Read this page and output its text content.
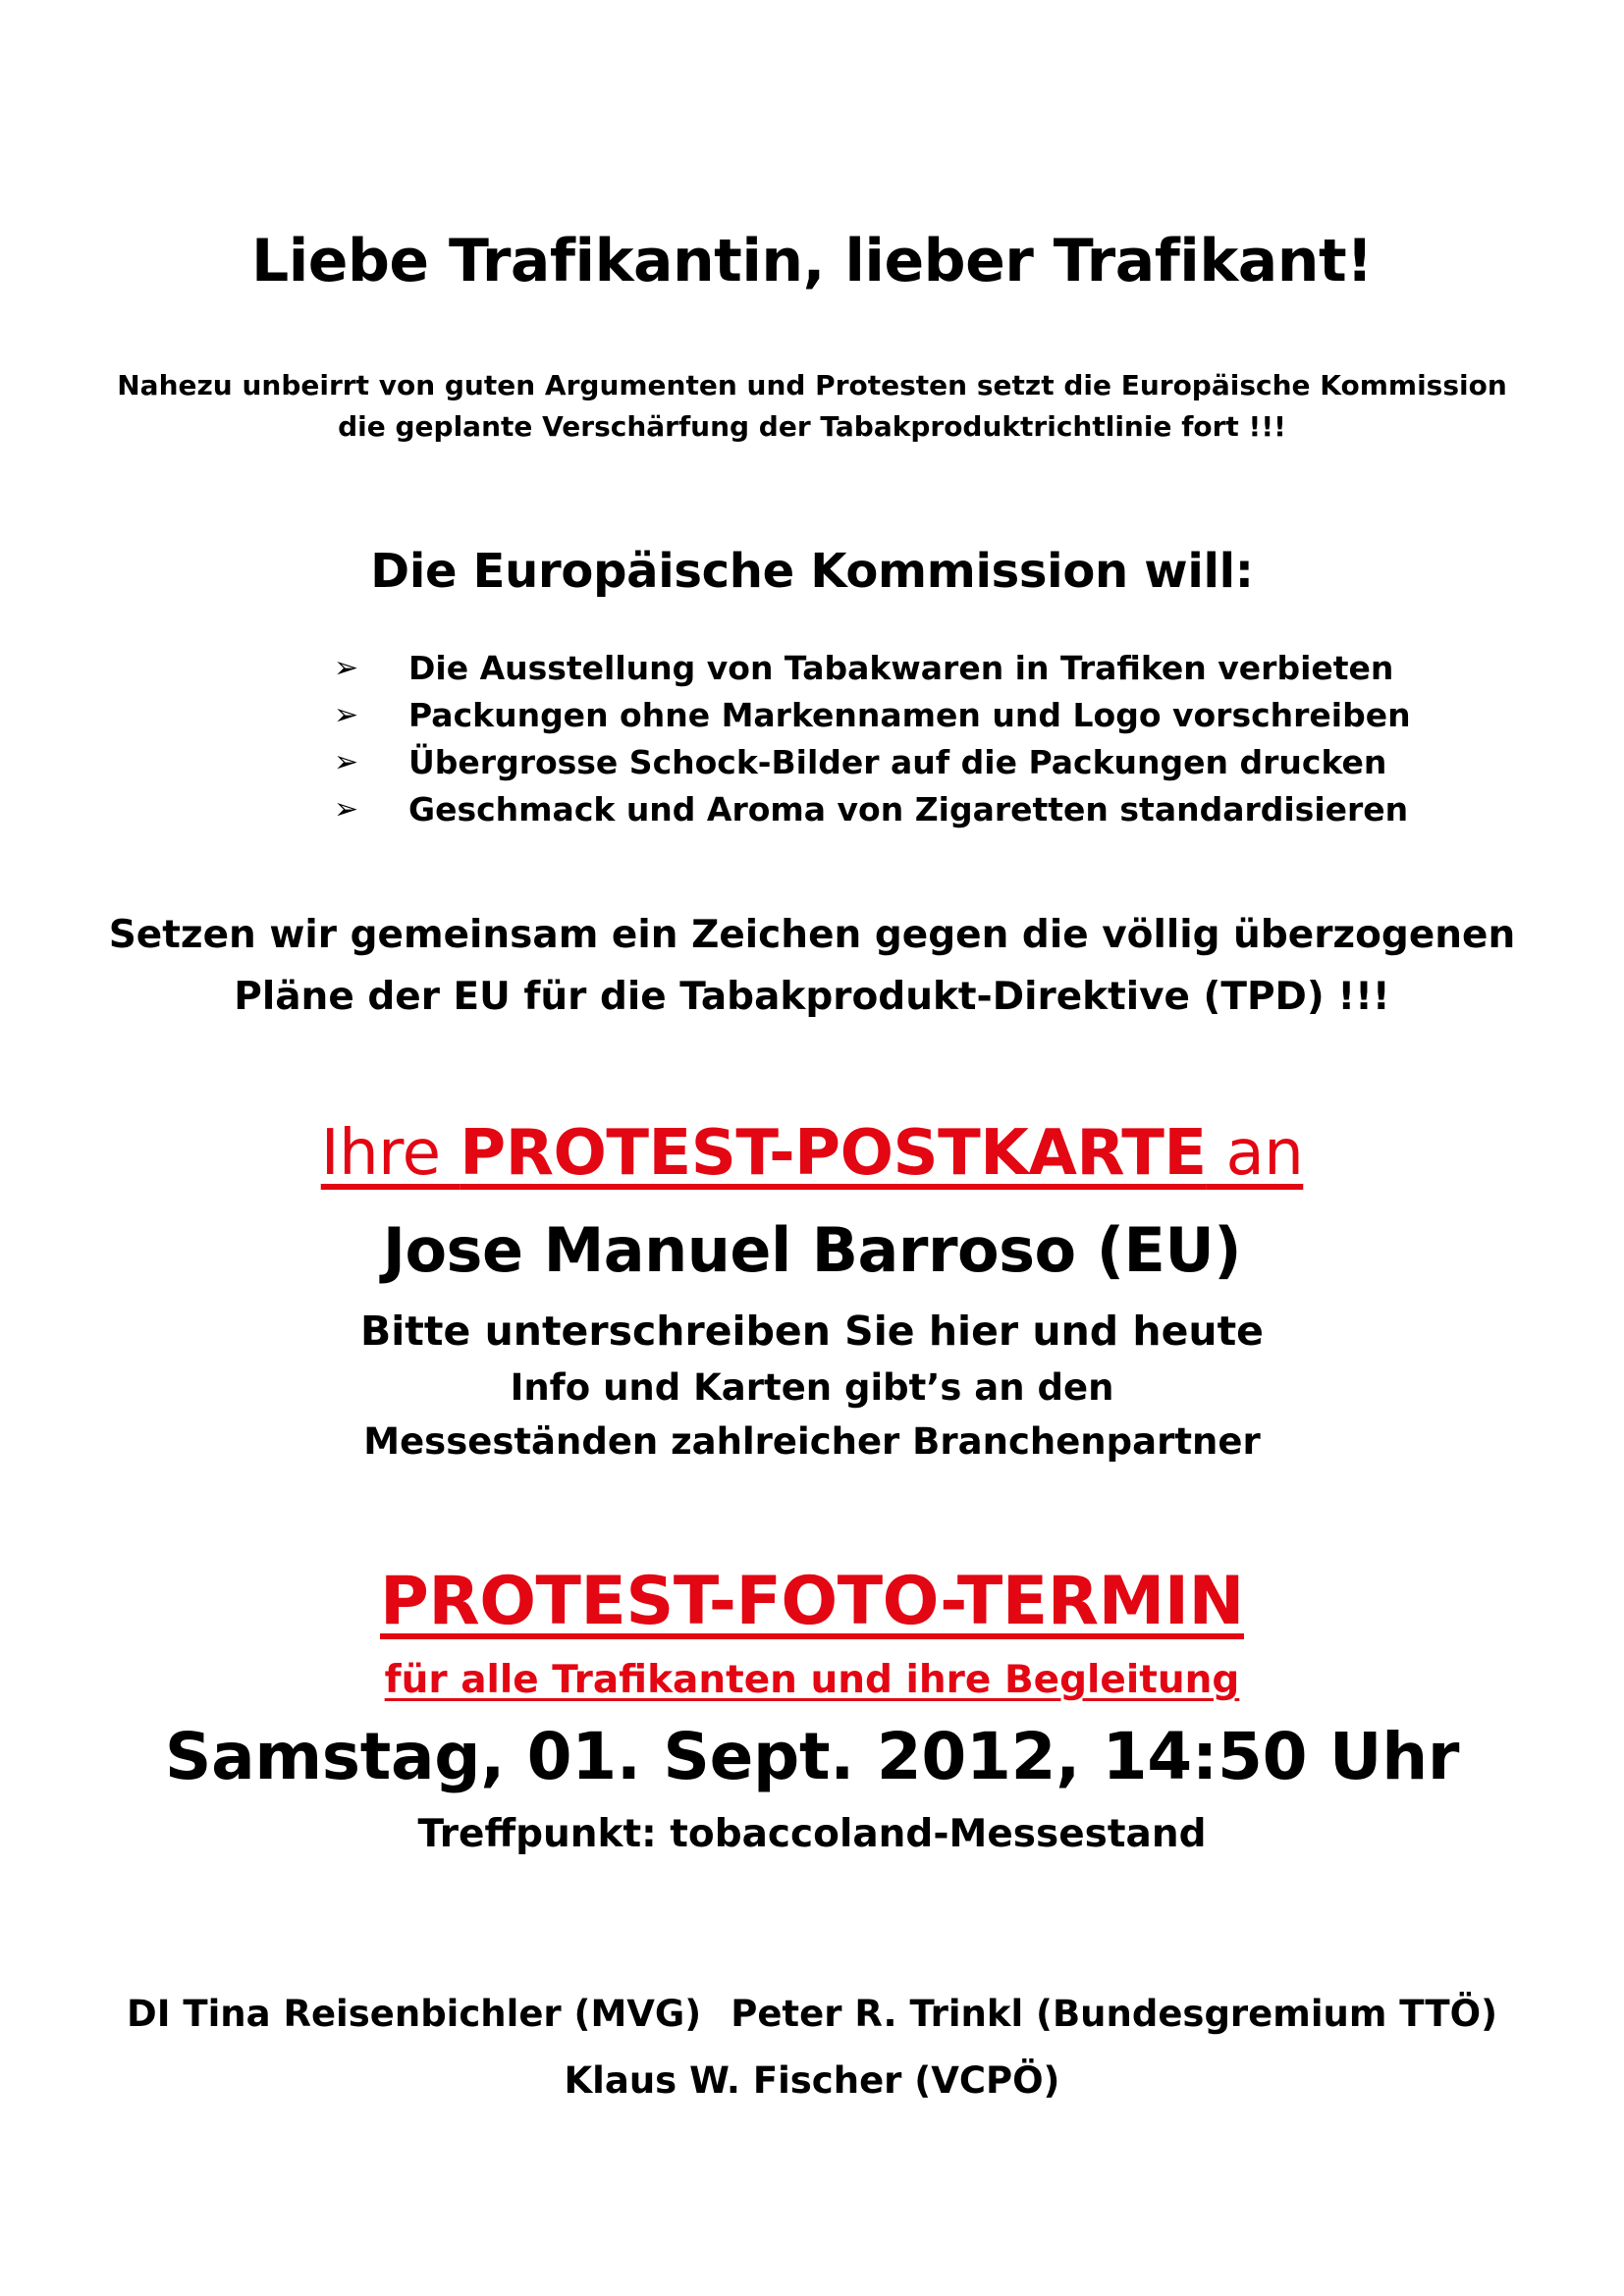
Liebe Trafikantin, lieber Trafikant!
Nahezu unbeirrt von guten Argumenten und Protesten setzt die Europäische Kommission
die geplante Verschärfung der Tabakproduktrichtlinie fort !!!
Die Europäische Kommission will:
➢	Die Ausstellung von Tabakwaren in Trafiken verbieten
➢	Packungen ohne Markennamen und Logo vorschreiben
➢	Übergrosse Schock-Bilder auf die Packungen drucken
➢	Geschmack und Aroma von Zigaretten standardisieren
Setzen wir gemeinsam ein Zeichen gegen die völlig überzogenen
Pläne der EU für die Tabakprodukt-Direktive (TPD) !!!
Ihre PROTEST-POSTKARTE an
Jose Manuel Barroso (EU)
Bitte unterschreiben Sie hier und heute
Info und Karten gibt’s an den
Messeständen zahlreicher Branchenpartner
PROTEST-FOTO-TERMIN
für alle Trafikanten und ihre Begleitung
Samstag, 01. Sept. 2012, 14:50 Uhr
Treffpunkt: tobaccoland-Messestand
DI Tina Reisenbichler (MVG) Peter R. Trinkl (Bundesgremium TTÖ)
Klaus W. Fischer (VCPÖ)
